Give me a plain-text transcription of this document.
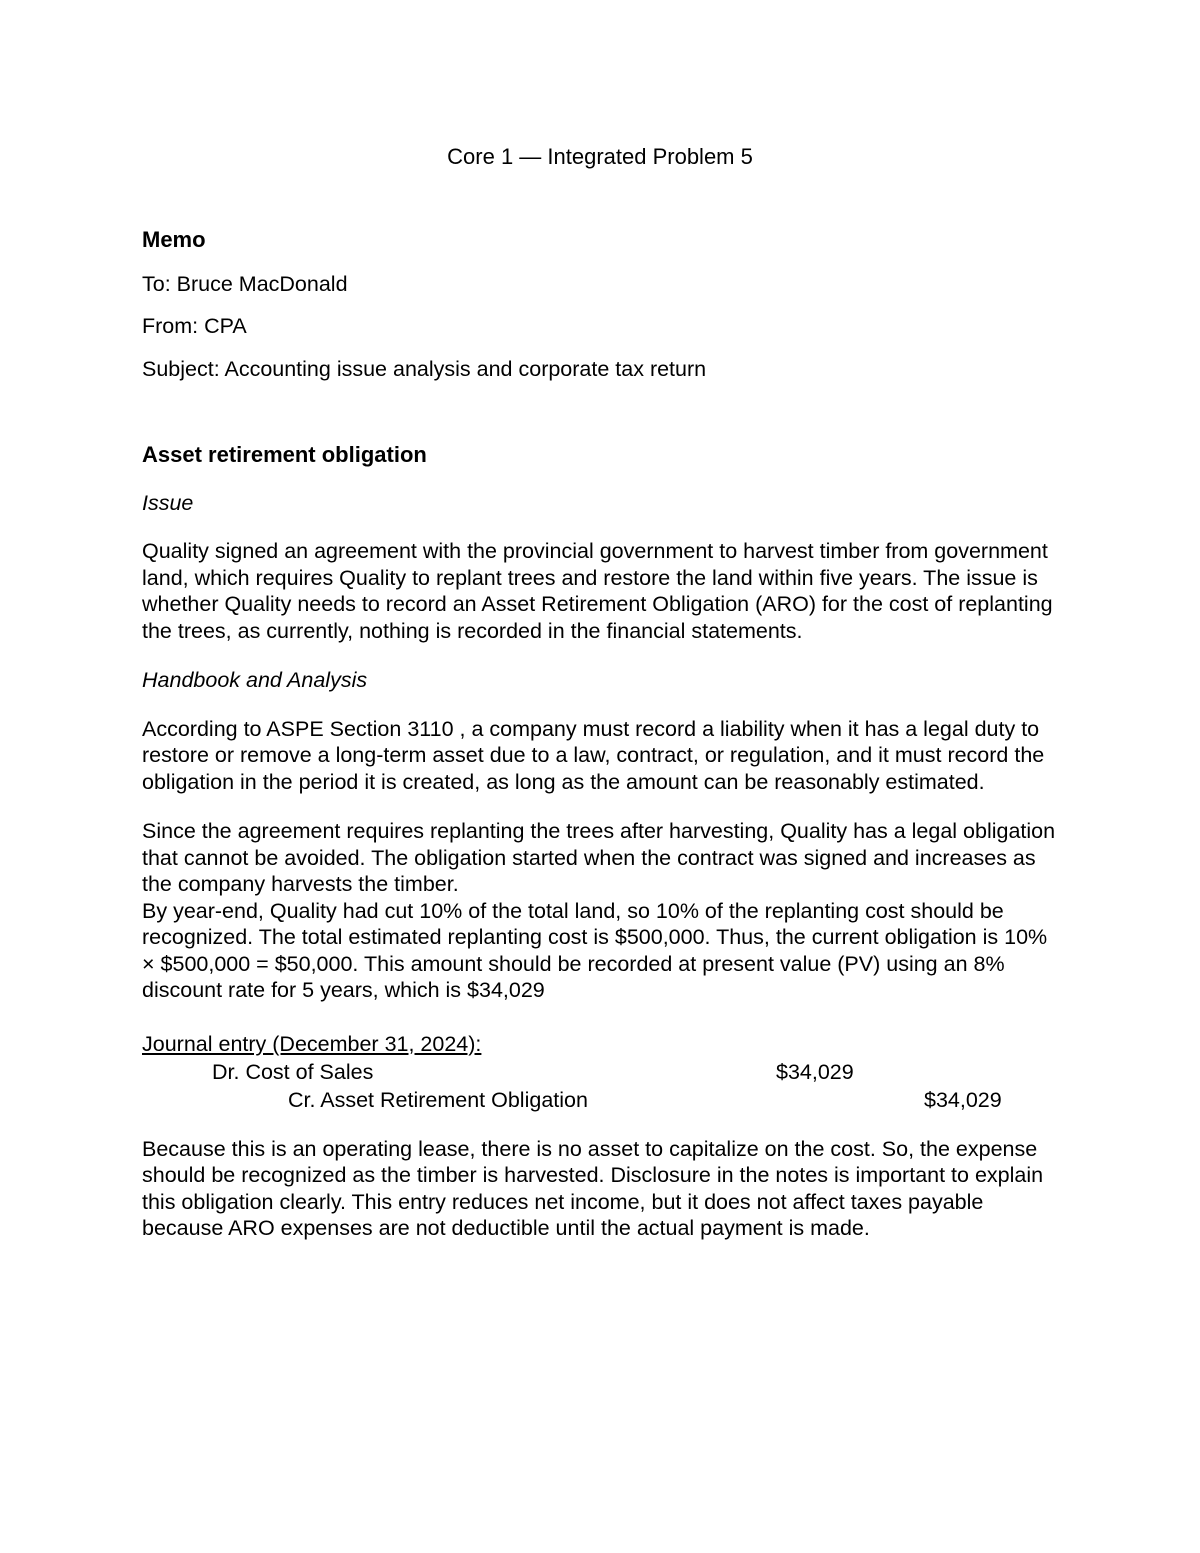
Core 1 — Integrated Problem 5
Memo
To: Bruce MacDonald
From: CPA
Subject: Accounting issue analysis and corporate tax return
Asset retirement obligation
Issue
Quality signed an agreement with the provincial government to harvest timber from government land, which requires Quality to replant trees and restore the land within five years. The issue is whether Quality needs to record an Asset Retirement Obligation (ARO) for the cost of replanting the trees, as currently, nothing is recorded in the financial statements.
Handbook and Analysis
According to ASPE Section 3110 , a company must record a liability when it has a legal duty to restore or remove a long-term asset due to a law, contract, or regulation, and it must record the obligation in the period it is created, as long as the amount can be reasonably estimated.
Since the agreement requires replanting the trees after harvesting, Quality has a legal obligation that cannot be avoided. The obligation started when the contract was signed and increases as the company harvests the timber.
By year-end, Quality had cut 10% of the total land, so 10% of the replanting cost should be recognized. The total estimated replanting cost is $500,000. Thus, the current obligation is 10% × $500,000 = $50,000. This amount should be recorded at present value (PV) using an 8% discount rate for 5 years, which is $34,029
Journal entry (December 31, 2024):
Dr. Cost of Sales	$34,029
Cr. Asset Retirement Obligation	$34,029
Because this is an operating lease, there is no asset to capitalize on the cost. So, the expense should be recognized as the timber is harvested. Disclosure in the notes is important to explain this obligation clearly. This entry reduces net income, but it does not affect taxes payable because ARO expenses are not deductible until the actual payment is made.
